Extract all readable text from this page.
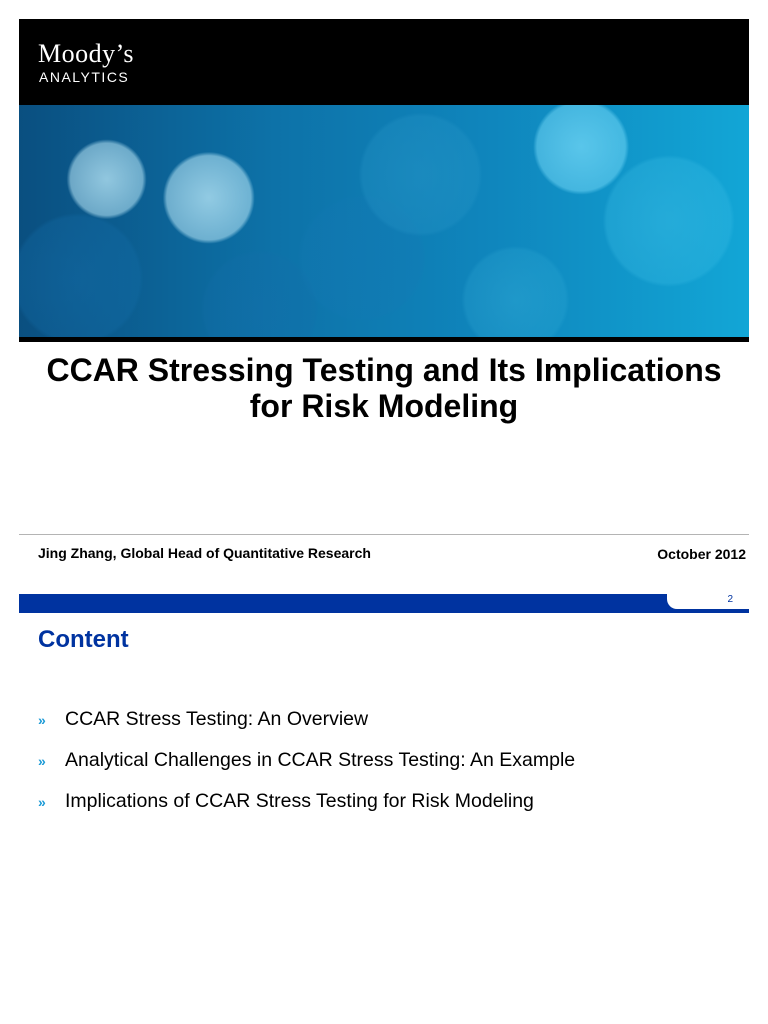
Moody’s
ANALYTICS
CCAR Stressing Testing and Its Implications
for Risk Modeling
Jing Zhang, Global Head of Quantitative Research	October 2012
2
Content
» CCAR Stress Testing: An Overview
» Analytical Challenges in CCAR Stress Testing: An Example
» Implications of CCAR Stress Testing for Risk Modeling
